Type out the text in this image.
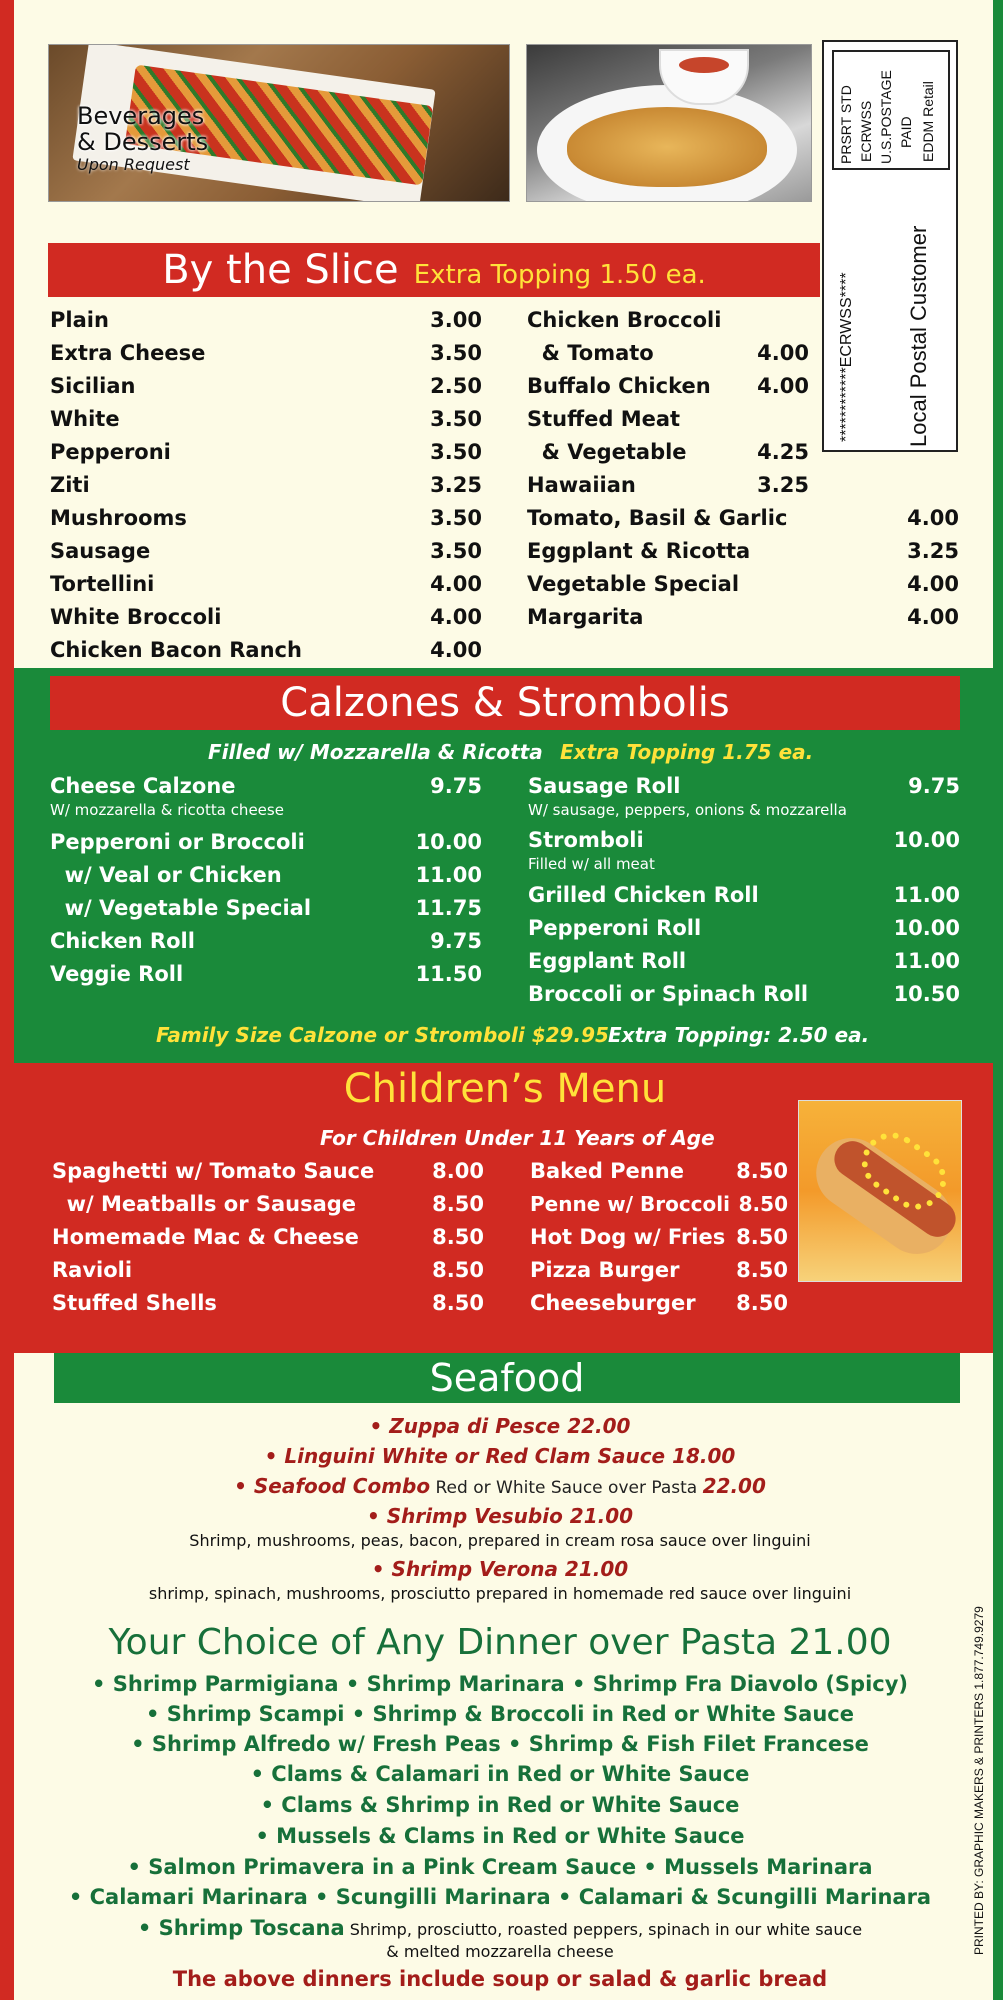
Beverages
& Desserts
Upon Request
PRSRT STD ECRWSS U.S.POSTAGE PAID EDDM Retail
************ECRWSS**** Local Postal Customer
By the Slice Extra Topping 1.50 ea.
Plain	3.00
Extra Cheese	3.50
Sicilian	2.50
White	3.50
Pepperoni	3.50
Ziti	3.25
Mushrooms	3.50
Sausage	3.50
Tortellini	4.00
White Broccoli	4.00
Chicken Bacon Ranch	4.00
Chicken Broccoli
& Tomato	4.00
Buffalo Chicken 4.00
Stuffed Meat
& Vegetable	4.25
Hawaiian	3.25
Tomato, Basil & Garlic	4.00
Eggplant & Ricotta	3.25
Vegetable Special	4.00
Margarita	4.00
Calzones & Strombolis
Filled w/ Mozzarella & Ricotta Extra Topping 1.75 ea.
Cheese Calzone	9.75
W/ mozzarella & ricotta cheese
Pepperoni or Broccoli	10.00
w/ Veal or Chicken	11.00
w/ Vegetable Special	11.75
Chicken Roll	9.75
Veggie Roll	11.50
Sausage Roll	9.75
W/ sausage, peppers, onions & mozzarella
Stromboli	10.00
Filled w/ all meat
Grilled Chicken Roll	11.00
Pepperoni Roll	10.00
Eggplant Roll	11.00
Broccoli or Spinach Roll	10.50
Family Size Calzone or Stromboli $29.95 Extra Topping: 2.50 ea.
Children’s Menu
For Children Under 11 Years of Age
Spaghetti w/ Tomato Sauce	8.00
w/ Meatballs or Sausage	8.50
Homemade Mac & Cheese	8.50
Ravioli	8.50
Stuffed Shells	8.50
Baked Penne 8.50
Penne w/ Broccoli 8.50
Hot Dog w/ Fries 8.50
Pizza Burger	8.50
Cheeseburger 8.50
Seafood
• Zuppa di Pesce 22.00
• Linguini White or Red Clam Sauce 18.00
• Seafood Combo Red or White Sauce over Pasta 22.00
• Shrimp Vesubio 21.00
Shrimp, mushrooms, peas, bacon, prepared in cream rosa sauce over linguini
• Shrimp Verona 21.00
shrimp, spinach, mushrooms, prosciutto prepared in homemade red sauce over linguini
Your Choice of Any Dinner over Pasta 21.00
• Shrimp Parmigiana • Shrimp Marinara • Shrimp Fra Diavolo (Spicy)
• Shrimp Scampi • Shrimp & Broccoli in Red or White Sauce
• Shrimp Alfredo w/ Fresh Peas • Shrimp & Fish Filet Francese
• Clams & Calamari in Red or White Sauce
• Clams & Shrimp in Red or White Sauce
• Mussels & Clams in Red or White Sauce
• Salmon Primavera in a Pink Cream Sauce • Mussels Marinara
• Calamari Marinara • Scungilli Marinara • Calamari & Scungilli Marinara
• Shrimp Toscana Shrimp, prosciutto, roasted peppers, spinach in our white sauce
& melted mozzarella cheese
The above dinners include soup or salad & garlic bread
PRINTED BY: GRAPHIC MAKERS & PRINTERS 1.877.749.9279
